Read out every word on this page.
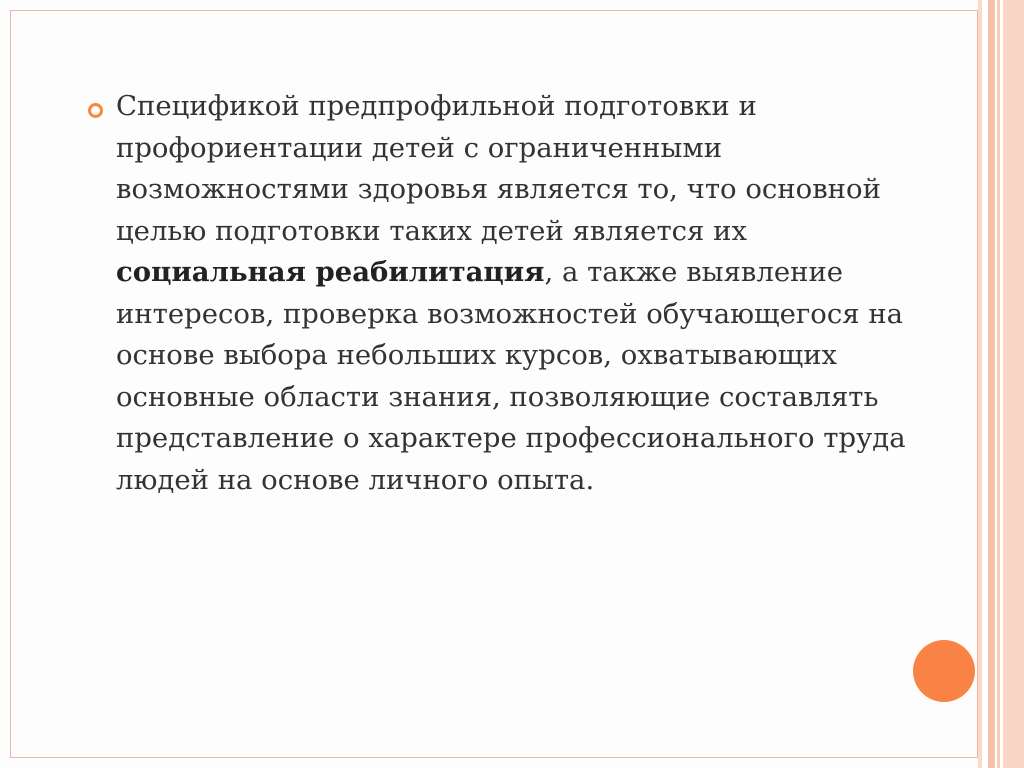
Спецификой предпрофильной подготовки и профориентации детей с ограниченными возможностями здоровья является то, что основной целью подготовки таких детей является их социальная реабилитация, а также выявление интересов, проверка возможностей обучающегося на основе выбора небольших курсов, охватывающих основные области знания, позволяющие составлять представление о характере профессионального труда людей на основе личного опыта.
